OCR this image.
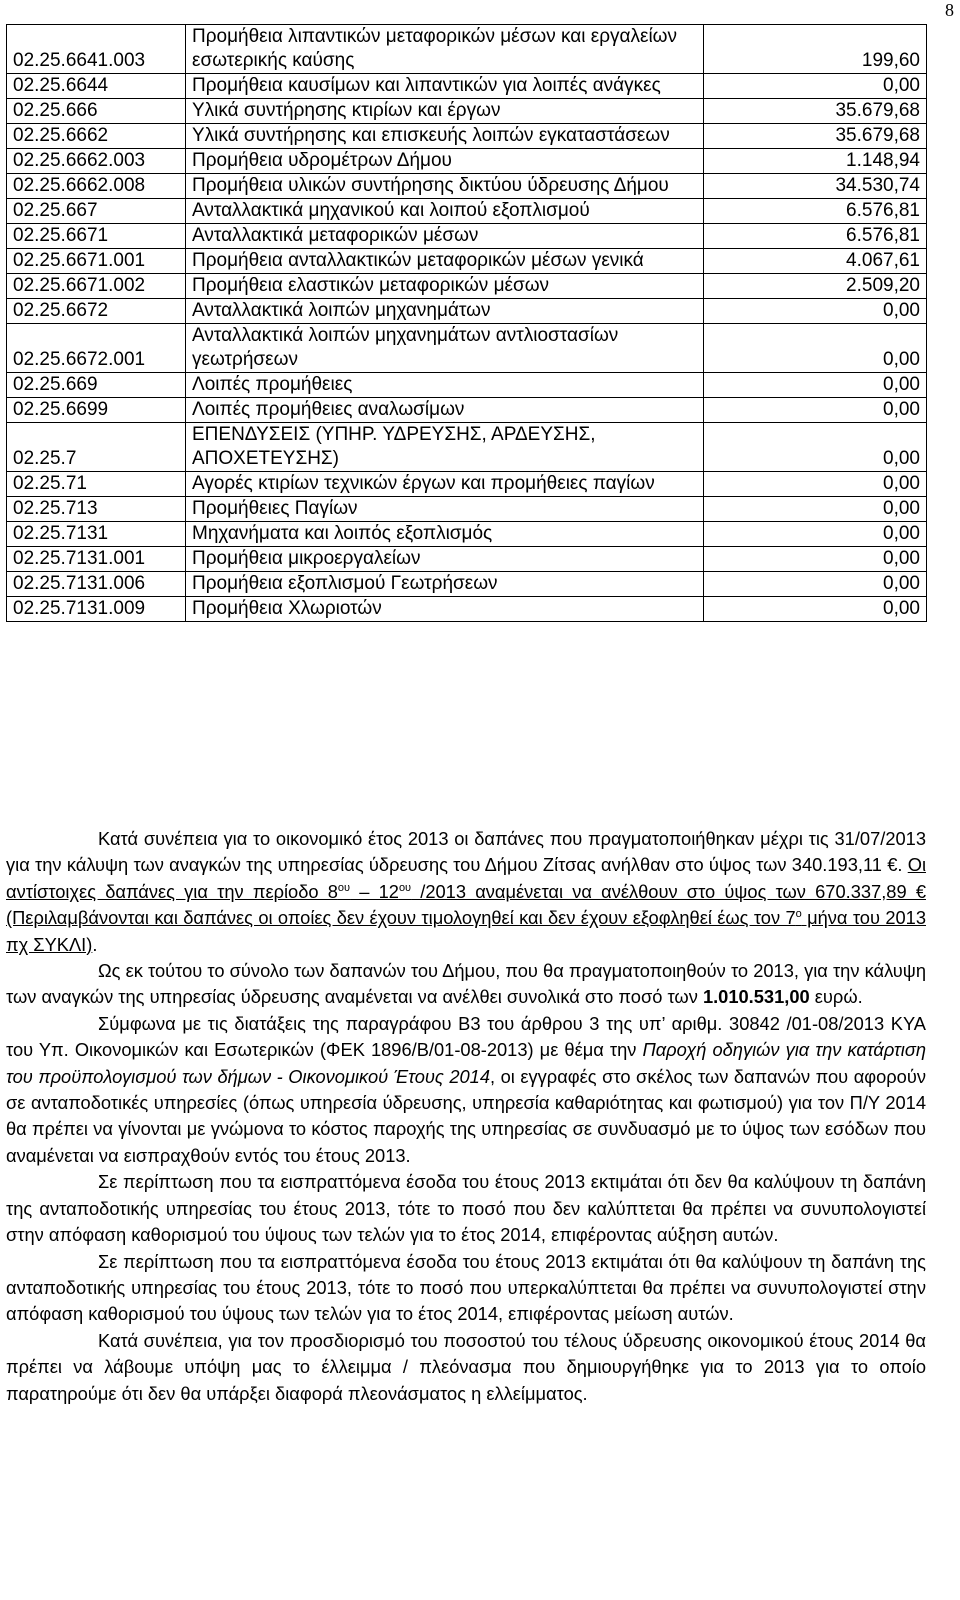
8
02.25.6641.003	Προμήθεια λιπαντικών μεταφορικών μέσων και εργαλείων εσωτερικής καύσης	199,60
02.25.6644	Προμήθεια καυσίμων και λιπαντικών για λοιπές ανάγκες	0,00
02.25.666	Υλικά συντήρησης κτιρίων και έργων	35.679,68
02.25.6662	Υλικά συντήρησης και επισκευής λοιπών εγκαταστάσεων	35.679,68
02.25.6662.003	Προμήθεια υδρομέτρων Δήμου	1.148,94
02.25.6662.008	Προμήθεια υλικών συντήρησης δικτύου ύδρευσης Δήμου	34.530,74
02.25.667	Ανταλλακτικά μηχανικού και λοιπού εξοπλισμού	6.576,81
02.25.6671	Ανταλλακτικά μεταφορικών μέσων	6.576,81
02.25.6671.001	Προμήθεια ανταλλακτικών μεταφορικών μέσων γενικά	4.067,61
02.25.6671.002	Προμήθεια ελαστικών μεταφορικών μέσων	2.509,20
02.25.6672	Ανταλλακτικά λοιπών μηχανημάτων	0,00
02.25.6672.001	Ανταλλακτικά λοιπών μηχανημάτων αντλιοστασίων γεωτρήσεων	0,00
02.25.669	Λοιπές προμήθειες	0,00
02.25.6699	Λοιπές προμήθειες αναλωσίμων	0,00
02.25.7	ΕΠΕΝΔΥΣΕΙΣ (ΥΠΗΡ. ΥΔΡΕΥΣΗΣ, ΑΡΔΕΥΣΗΣ, ΑΠΟΧΕΤΕΥΣΗΣ)	0,00
02.25.71	Αγορές κτιρίων τεχνικών έργων και προμήθειες παγίων	0,00
02.25.713	Προμήθειες Παγίων	0,00
02.25.7131	Μηχανήματα και λοιπός εξοπλισμός	0,00
02.25.7131.001	Προμήθεια μικροεργαλείων	0,00
02.25.7131.006	Προμήθεια εξοπλισμού Γεωτρήσεων	0,00
02.25.7131.009	Προμήθεια Χλωριοτών	0,00

Κατά συνέπεια για το οικονομικό έτος 2013 οι δαπάνες που πραγματοποιήθηκαν μέχρι τις 31/07/2013 για την κάλυψη των αναγκών της υπηρεσίας ύδρευσης του Δήμου Ζίτσας ανήλθαν στο ύψος των 340.193,11 €. Οι αντίστοιχες δαπάνες για την περίοδο $8^{o\upsilon} - 12^{o\upsilon}$ /2013 αναμένεται να ανέλθουν στο ύψος των 670.337,89 € (Περιλαμβάνονται και δαπάνες οι οποίες δεν έχουν τιμολογηθεί και δεν έχουν εξοφληθεί έως τον $7^o$ μήνα του 2013 πχ ΣΥΚΛΙ).

Ως εκ τούτου το σύνολο των δαπανών του Δήμου, που θα πραγματοποιηθούν το 2013, για την κάλυψη των αναγκών της υπηρεσίας ύδρευσης αναμένεται να ανέλθει συνολικά στο ποσό των 1.010.531,00 ευρώ.

Σύμφωνα με τις διατάξεις της παραγράφου Β3 του άρθρου 3 της υπ’ αριθμ. 30842 /01-08/2013 ΚΥΑ του Υπ. Οικονομικών και Εσωτερικών (ΦΕΚ 1896/Β/01-08-2013) με θέμα την Παροχή οδηγιών για την κατάρτιση του προϋπολογισμού των δήμων - Οικονομικού Έτους 2014, οι εγγραφές στο σκέλος των δαπανών που αφορούν σε ανταποδοτικές υπηρεσίες (όπως υπηρεσία ύδρευσης, υπηρεσία καθαριότητας και φωτισμού) για τον Π/Υ 2014 θα πρέπει να γίνονται με γνώμονα το κόστος παροχής της υπηρεσίας σε συνδυασμό με το ύψος των εσόδων που αναμένεται να εισπραχθούν εντός του έτους 2013.

Σε περίπτωση που τα εισπραττόμενα έσοδα του έτους 2013 εκτιμάται ότι δεν θα καλύψουν τη δαπάνη της ανταποδοτικής υπηρεσίας του έτους 2013, τότε το ποσό που δεν καλύπτεται θα πρέπει να συνυπολογιστεί στην απόφαση καθορισμού του ύψους των τελών για το έτος 2014, επιφέροντας αύξηση αυτών.

Σε περίπτωση που τα εισπραττόμενα έσοδα του έτους 2013 εκτιμάται ότι θα καλύψουν τη δαπάνη της ανταποδοτικής υπηρεσίας του έτους 2013, τότε το ποσό που υπερκαλύπτεται θα πρέπει να συνυπολογιστεί στην απόφαση καθορισμού του ύψους των τελών για το έτος 2014, επιφέροντας μείωση αυτών.

Κατά συνέπεια, για τον προσδιορισμό του ποσοστού του τέλους ύδρευσης οικονομικού έτους 2014 θα πρέπει να λάβουμε υπόψη μας το έλλειμμα / πλεόνασμα που δημιουργήθηκε για το 2013 για το οποίο παρατηρούμε ότι δεν θα υπάρξει διαφορά πλεονάσματος η ελλείμματος.
